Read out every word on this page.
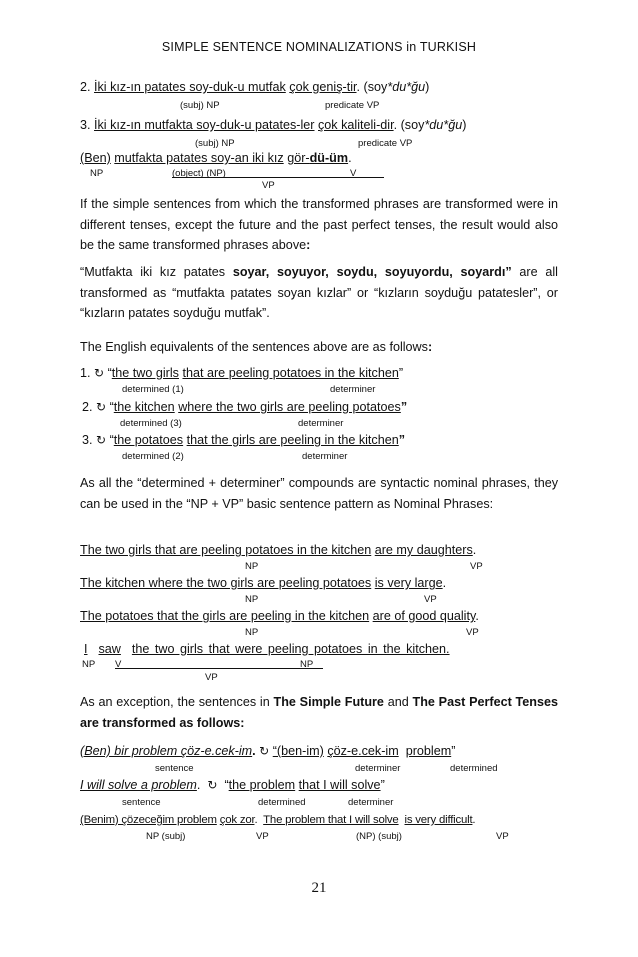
SIMPLE SENTENCE NOMINALIZATIONS in TURKISH
2. İki kız-ın patates soy-duk-u mutfak çok geniş-tir. (soy*du*ğu)
(subj) NP	predicate VP
3. İki kız-ın mutfakta soy-duk-u patates-ler çok kaliteli-dir. (soy*du*ğu)
(subj) NP	predicate VP
(Ben) mutfakta patates soy-an iki kız gör-dü-üm.
NP	(object) (NP)	V
VP
If the simple sentences from which the transformed phrases are transformed were in different tenses, except the future and the past perfect tenses, the result would also be the same transformed phrases above:
“Mutfakta iki kız patates soyar, soyuyor, soydu, soyuyordu, soyardı” are all transformed as “mutfakta patates soyan kızlar” or “kızların soyduğu patatesler”, or “kızların patates soyduğu mutfak”.
The English equivalents of the sentences above are as follows:
1. ↻ “the two girls that are peeling potatoes in the kitchen”
determined (1)	determiner
2. ↻ “the kitchen where the two girls are peeling potatoes”
determined (3)	determiner
3. ↻ “the potatoes that the girls are peeling in the kitchen”
determined (2)	determiner
As all the “determined + determiner” compounds are syntactic nominal phrases, they can be used in the “NP + VP” basic sentence pattern as Nominal Phrases:
The two girls that are peeling potatoes in the kitchen are my daughters.
NP	VP
The kitchen where the two girls are peeling potatoes is very large.
NP	VP
The potatoes that the girls are peeling in the kitchen are of good quality.
NP	VP
I saw the two girls that were peeling potatoes in the kitchen.
NP V	NP
VP
As an exception, the sentences in The Simple Future and The Past Perfect Tenses are transformed as follows:
(Ben) bir problem çöz-e.cek-im. ↻ “(ben-im) çöz-e.cek-im problem”
sentence	determiner	determined
I will solve a problem. ↻ “the problem that I will solve”
sentence	determined	determiner
(Benim) çözeceğim problem çok zor. The problem that I will solve is very difficult.
NP (subj)	VP	(NP) (subj)	VP
21
